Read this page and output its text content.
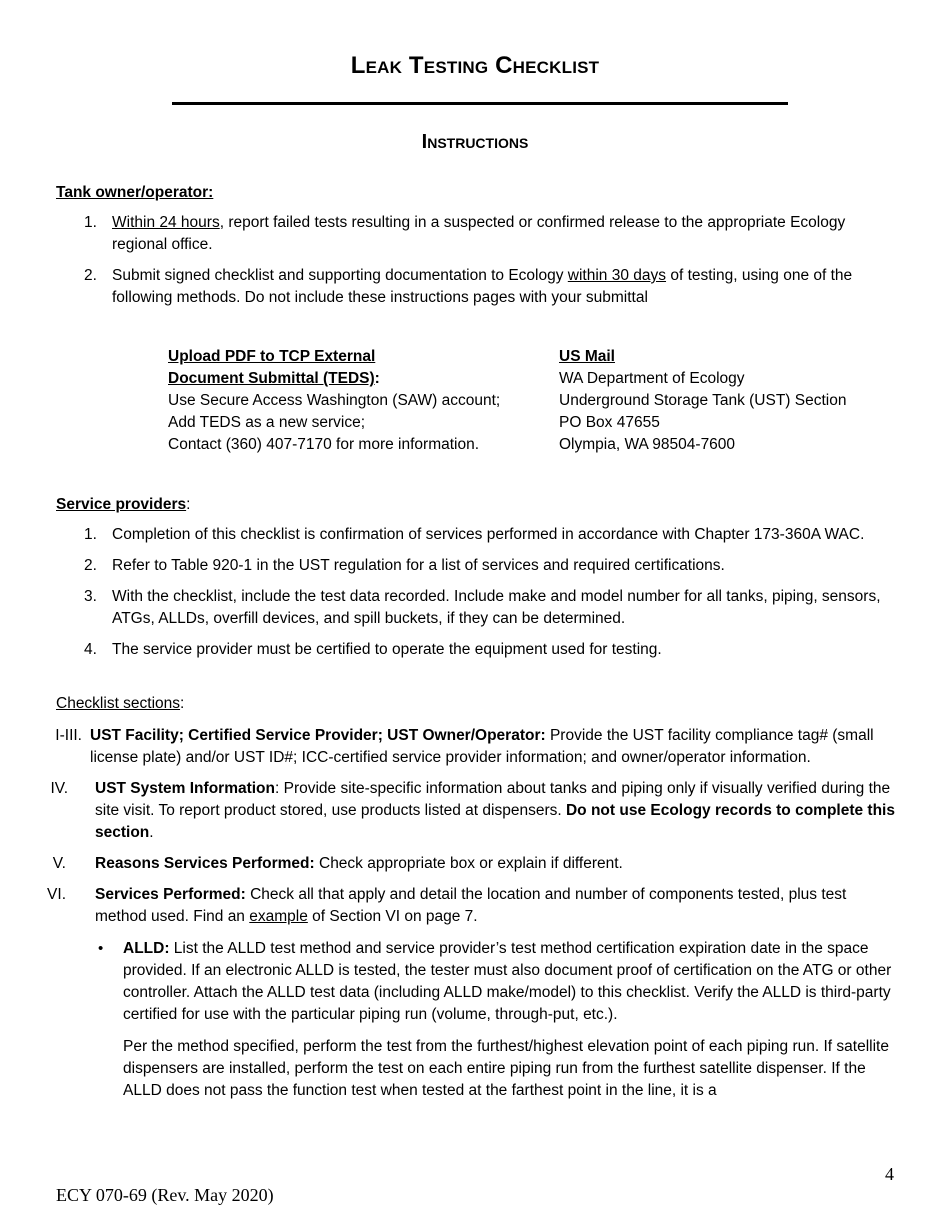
Leak Testing Checklist
Instructions

Tank owner/operator:

1. Within 24 hours, report failed tests resulting in a suspected or confirmed release to the appropriate Ecology regional office.
2. Submit signed checklist and supporting documentation to Ecology within 30 days of testing, using one of the following methods. Do not include these instructions pages with your submittal
Upload PDF to TCP External
Document Submittal (TEDS):
Use Secure Access Washington (SAW) account;
Add TEDS as a new service;
Contact (360) 407-7170 for more information.
US Mail
WA Department of Ecology
Underground Storage Tank (UST) Section
PO Box 47655
Olympia, WA 98504-7600

Service providers:

1. Completion of this checklist is confirmation of services performed in accordance with Chapter 173-360A WAC.
2. Refer to Table 920-1 in the UST regulation for a list of services and required certifications.
3. With the checklist, include the test data recorded. Include make and model number for all tanks, piping, sensors, ATGs, ALLDs, overfill devices, and spill buckets, if they can be determined.
4. The service provider must be certified to operate the equipment used for testing.

Checklist sections:

I-III. UST Facility; Certified Service Provider; UST Owner/Operator: Provide the UST facility compliance tag# (small license plate) and/or UST ID#; ICC-certified service provider information; and owner/operator information.
IV. UST System Information: Provide site-specific information about tanks and piping only if visually verified during the site visit. To report product stored, use products listed at dispensers. Do not use Ecology records to complete this section.
V. Reasons Services Performed: Check appropriate box or explain if different.
VI. Services Performed: Check all that apply and detail the location and number of components tested, plus test method used. Find an example of Section VI on page 7.
• ALLD: List the ALLD test method and service provider’s test method certification expiration date in the space provided. If an electronic ALLD is tested, the tester must also document proof of certification on the ATG or other controller. Attach the ALLD test data (including ALLD make/model) to this checklist. Verify the ALLD is third-party certified for use with the particular piping run (volume, through-put, etc.).
Per the method specified, perform the test from the furthest/highest elevation point of each piping run. If satellite dispensers are installed, perform the test on each entire piping run from the furthest satellite dispenser. If the ALLD does not pass the function test when tested at the farthest point in the line, it is a
4
ECY 070-69 (Rev. May 2020)
